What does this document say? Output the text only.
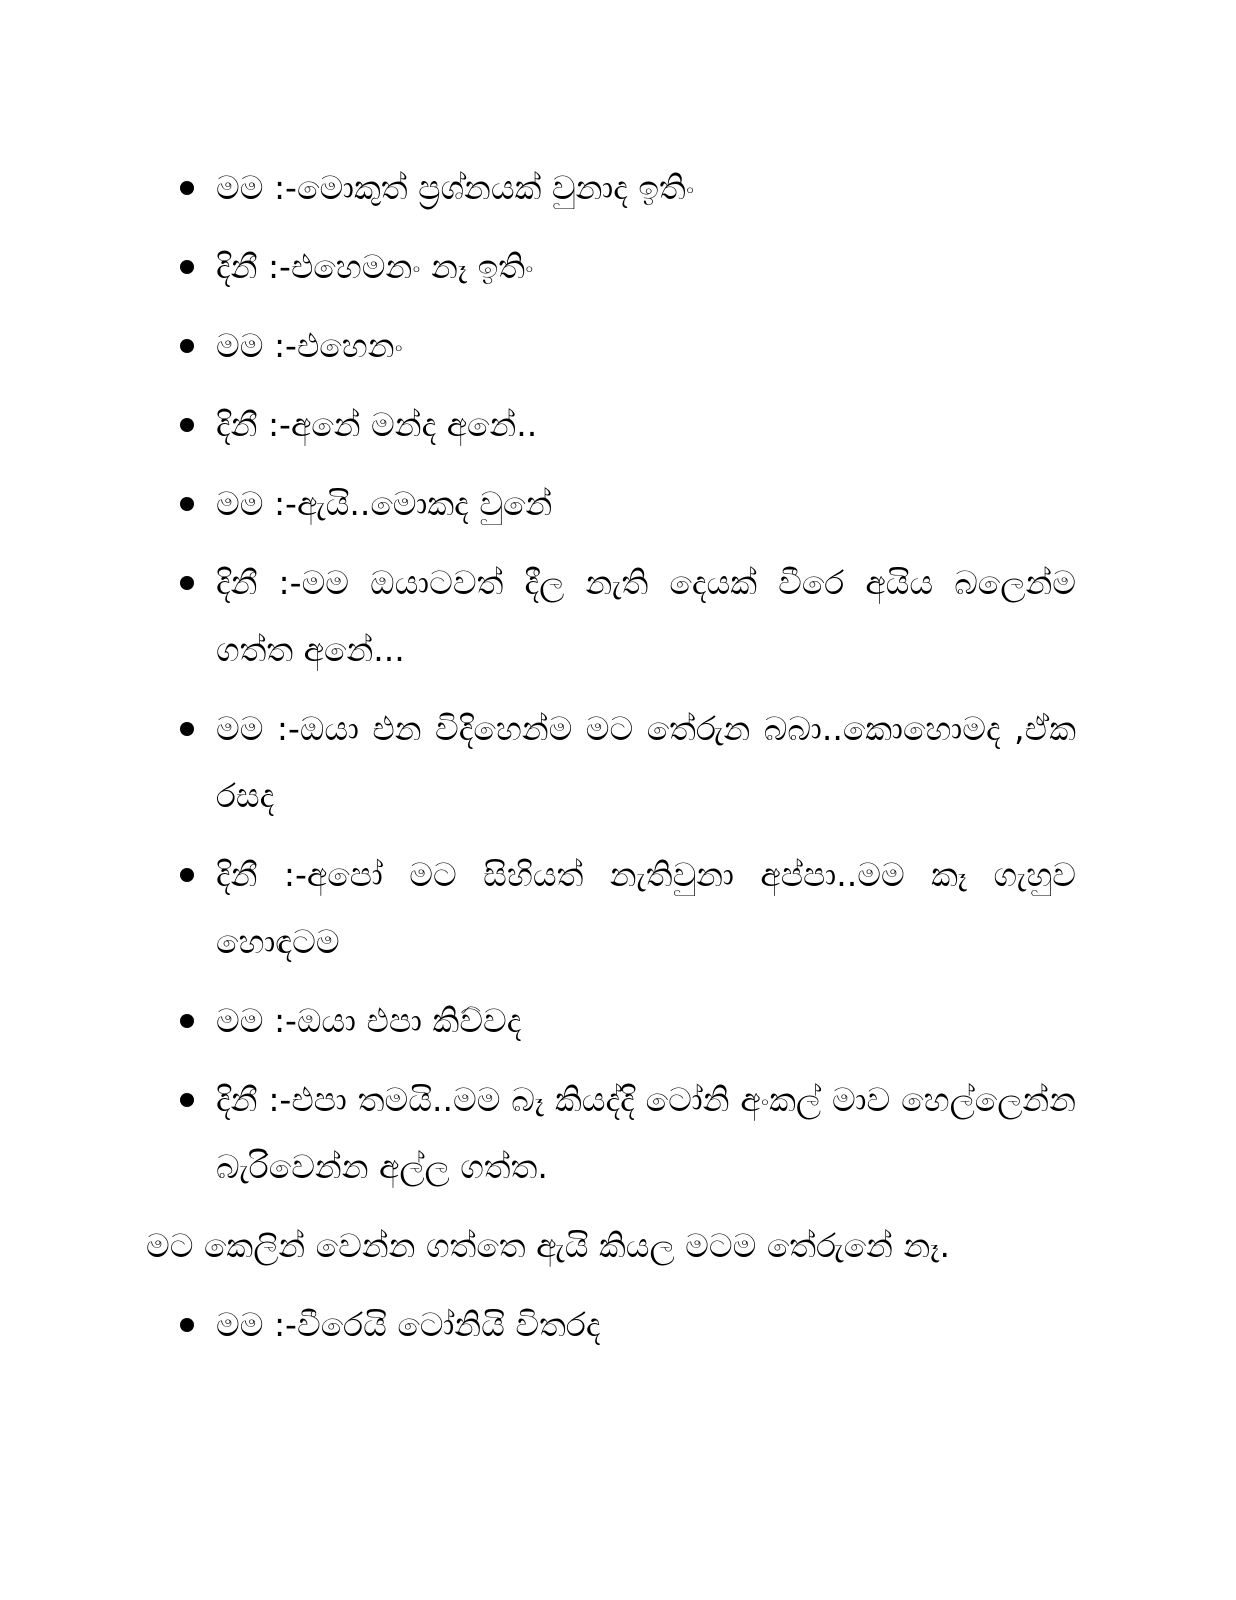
මම :-මොකුත් ප්‍රශ්නයක් වුනාද ඉතිං
දිනී :-එහෙමනං නෑ ඉතිං
මම :-එහෙනං
දිනී :-අනේ මන්ද අනේ..
මම :-ඇයි..මොකද වුනේ
දිනී :-මම ඔයාටවත් දීල නැති දෙයක් වීරෙ අයිය බලෙන්ම ගත්ත අනේ...
මම :-ඔයා එන විදිහෙන්ම මට තේරුන බබා..කොහොමද ,ඒක රසද
දිනී :-අපෝ මට සිහියත් නැතිවුනා අප්පා..මම කෑ ගැහුව හොඳටම
මම :-ඔයා එපා කිව්වද
දිනී :-එපා තමයි..මම බෑ කියද්දි ටෝනි අංකල් මාව හෙල්ලෙන්න බැරිවෙන්න අල්ල ගත්ත.

මට කෙලින් වෙන්න ගත්තෙ ඇයි කියල මටම තේරුනේ නෑ.

මම :-වීරෙයි ටෝනියි විතරද
